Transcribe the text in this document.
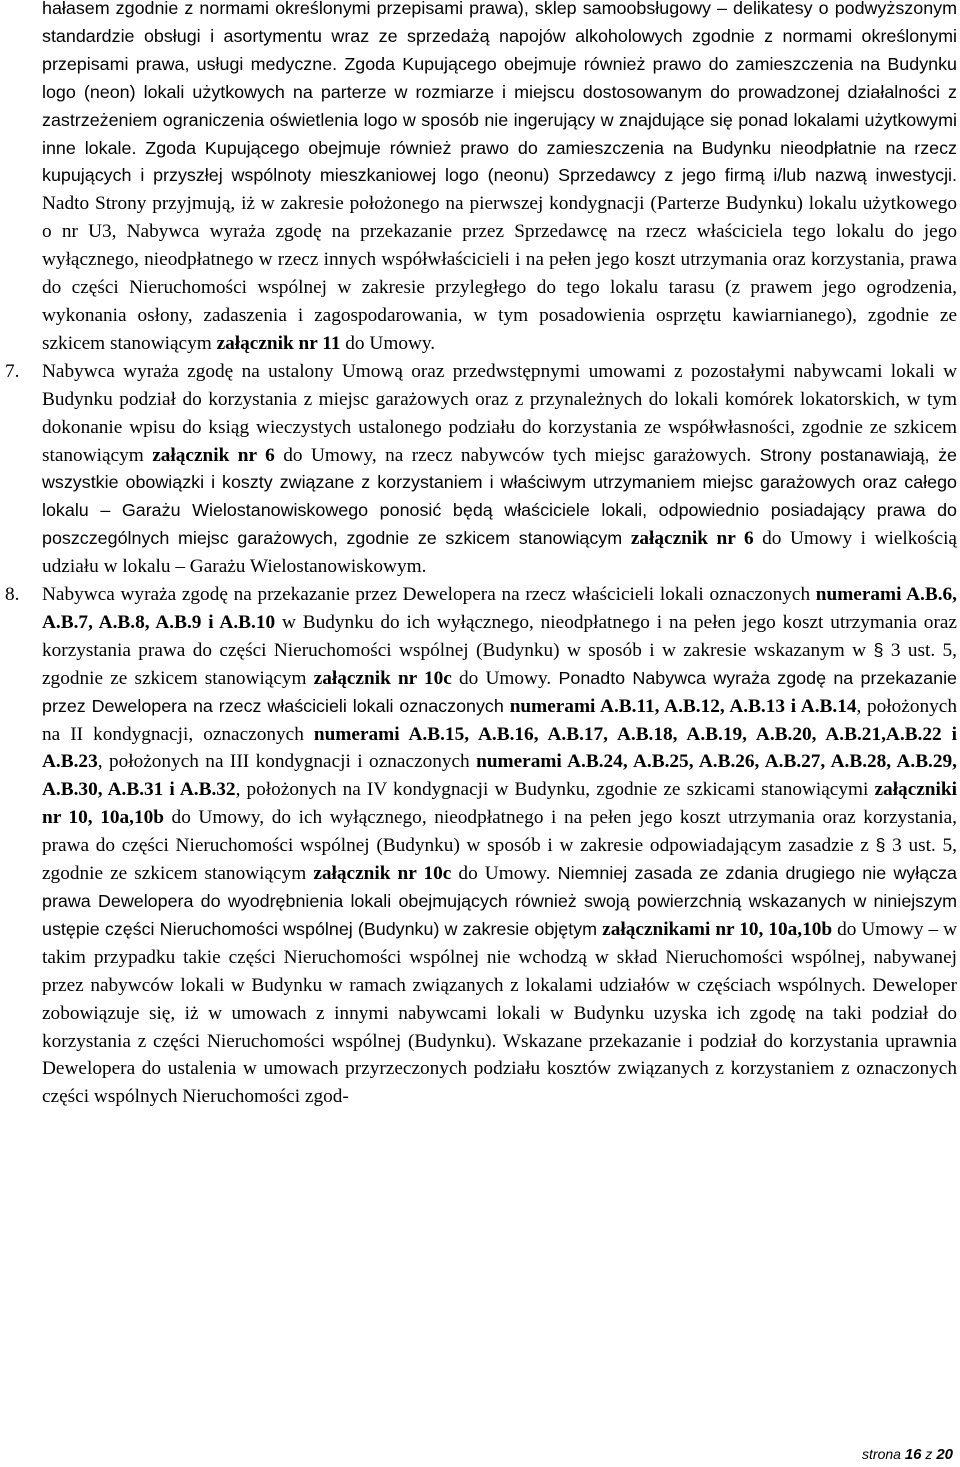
hałasem zgodnie z normami określonymi przepisami prawa), sklep samoobsługowy – delikatesy o podwyższonym standardzie obsługi i asortymentu wraz ze sprzedażą napojów alkoholowych zgodnie z normami określonymi przepisami prawa, usługi medyczne. Zgoda Kupującego obejmuje również prawo do zamieszczenia na Budynku logo (neon) lokali użytkowych na parterze w rozmiarze i miejscu dostosowanym do prowadzonej działalności z zastrzeżeniem ograniczenia oświetlenia logo w sposób nie ingerujący w znajdujące się ponad lokalami użytkowymi inne lokale. Zgoda Kupującego obejmuje również prawo do zamieszczenia na Budynku nieodpłatnie na rzecz kupujących i przyszłej wspólnoty mieszkaniowej logo (neonu) Sprzedawcy z jego firmą i/lub nazwą inwestycji. Nadto Strony przyjmują, iż w zakresie położonego na pierwszej kondygnacji (Parterze Budynku) lokalu użytkowego o nr U3, Nabywca wyraża zgodę na przekazanie przez Sprzedawcę na rzecz właściciela tego lokalu do jego wyłącznego, nieodpłatnego w rzecz innych współwłaścicieli i na pełen jego koszt utrzymania oraz korzystania, prawa do części Nieruchomości wspólnej w zakresie przyległego do tego lokalu tarasu (z prawem jego ogrodzenia, wykonania osłony, zadaszenia i zagospodarowania, w tym posadowienia osprzętu kawiarnianego), zgodnie ze szkicem stanowiącym załącznik nr 11 do Umowy.
7. Nabywca wyraża zgodę na ustalony Umową oraz przedwstępnymi umowami z pozostałymi nabywcami lokali w Budynku podział do korzystania z miejsc garażowych oraz z przynależnych do lokali komórek lokatorskich, w tym dokonanie wpisu do ksiąg wieczystych ustalonego podziału do korzystania ze współwłasności, zgodnie ze szkicem stanowiącym załącznik nr 6 do Umowy, na rzecz nabywców tych miejsc garażowych. Strony postanawiają, że wszystkie obowiązki i koszty związane z korzystaniem i właściwym utrzymaniem miejsc garażowych oraz całego lokalu – Garażu Wielostanowiskowego ponosić będą właściciele lokali, odpowiednio posiadający prawa do poszczególnych miejsc garażowych, zgodnie ze szkicem stanowiącym załącznik nr 6 do Umowy i wielkością udziału w lokalu – Garażu Wielostanowiskowym.
8. Nabywca wyraża zgodę na przekazanie przez Dewelopera na rzecz właścicieli lokali oznaczonych numerami A.B.6, A.B.7, A.B.8, A.B.9 i A.B.10 w Budynku do ich wyłącznego, nieodpłatnego i na pełen jego koszt utrzymania oraz korzystania prawa do części Nieruchomości wspólnej (Budynku) w sposób i w zakresie wskazanym w § 3 ust. 5, zgodnie ze szkicem stanowiącym załącznik nr 10c do Umowy. Ponadto Nabywca wyraża zgodę na przekazanie przez Dewelopera na rzecz właścicieli lokali oznaczonych numerami A.B.11, A.B.12, A.B.13 i A.B.14, położonych na II kondygnacji, oznaczonych numerami A.B.15, A.B.16, A.B.17, A.B.18, A.B.19, A.B.20, A.B.21,A.B.22 i A.B.23, położonych na III kondygnacji i oznaczonych numerami A.B.24, A.B.25, A.B.26, A.B.27, A.B.28, A.B.29, A.B.30, A.B.31 i A.B.32, położonych na IV kondygnacji w Budynku, zgodnie ze szkicami stanowiącymi załączniki nr 10, 10a,10b do Umowy, do ich wyłącznego, nieodpłatnego i na pełen jego koszt utrzymania oraz korzystania, prawa do części Nieruchomości wspólnej (Budynku) w sposób i w zakresie odpowiadającym zasadzie z § 3 ust. 5, zgodnie ze szkicem stanowiącym załącznik nr 10c do Umowy. Niemniej zasada ze zdania drugiego nie wyłącza prawa Dewelopera do wyodrębnienia lokali obejmujących również swoją powierzchnią wskazanych w niniejszym ustępie części Nieruchomości wspólnej (Budynku) w zakresie objętym załącznikami nr 10, 10a,10b do Umowy – w takim przypadku takie części Nieruchomości wspólnej nie wchodzą w skład Nieruchomości wspólnej, nabywanej przez nabywców lokali w Budynku w ramach związanych z lokalami udziałów w częściach wspólnych. Deweloper zobowiązuje się, iż w umowach z innymi nabywcami lokali w Budynku uzyska ich zgodę na taki podział do korzystania z części Nieruchomości wspólnej (Budynku). Wskazane przekazanie i podział do korzystania uprawnia Dewelopera do ustalenia w umowach przyrzeczonych podziału kosztów związanych z korzystaniem z oznaczonych części wspólnych Nieruchomości zgod-
strona 16 z 20
